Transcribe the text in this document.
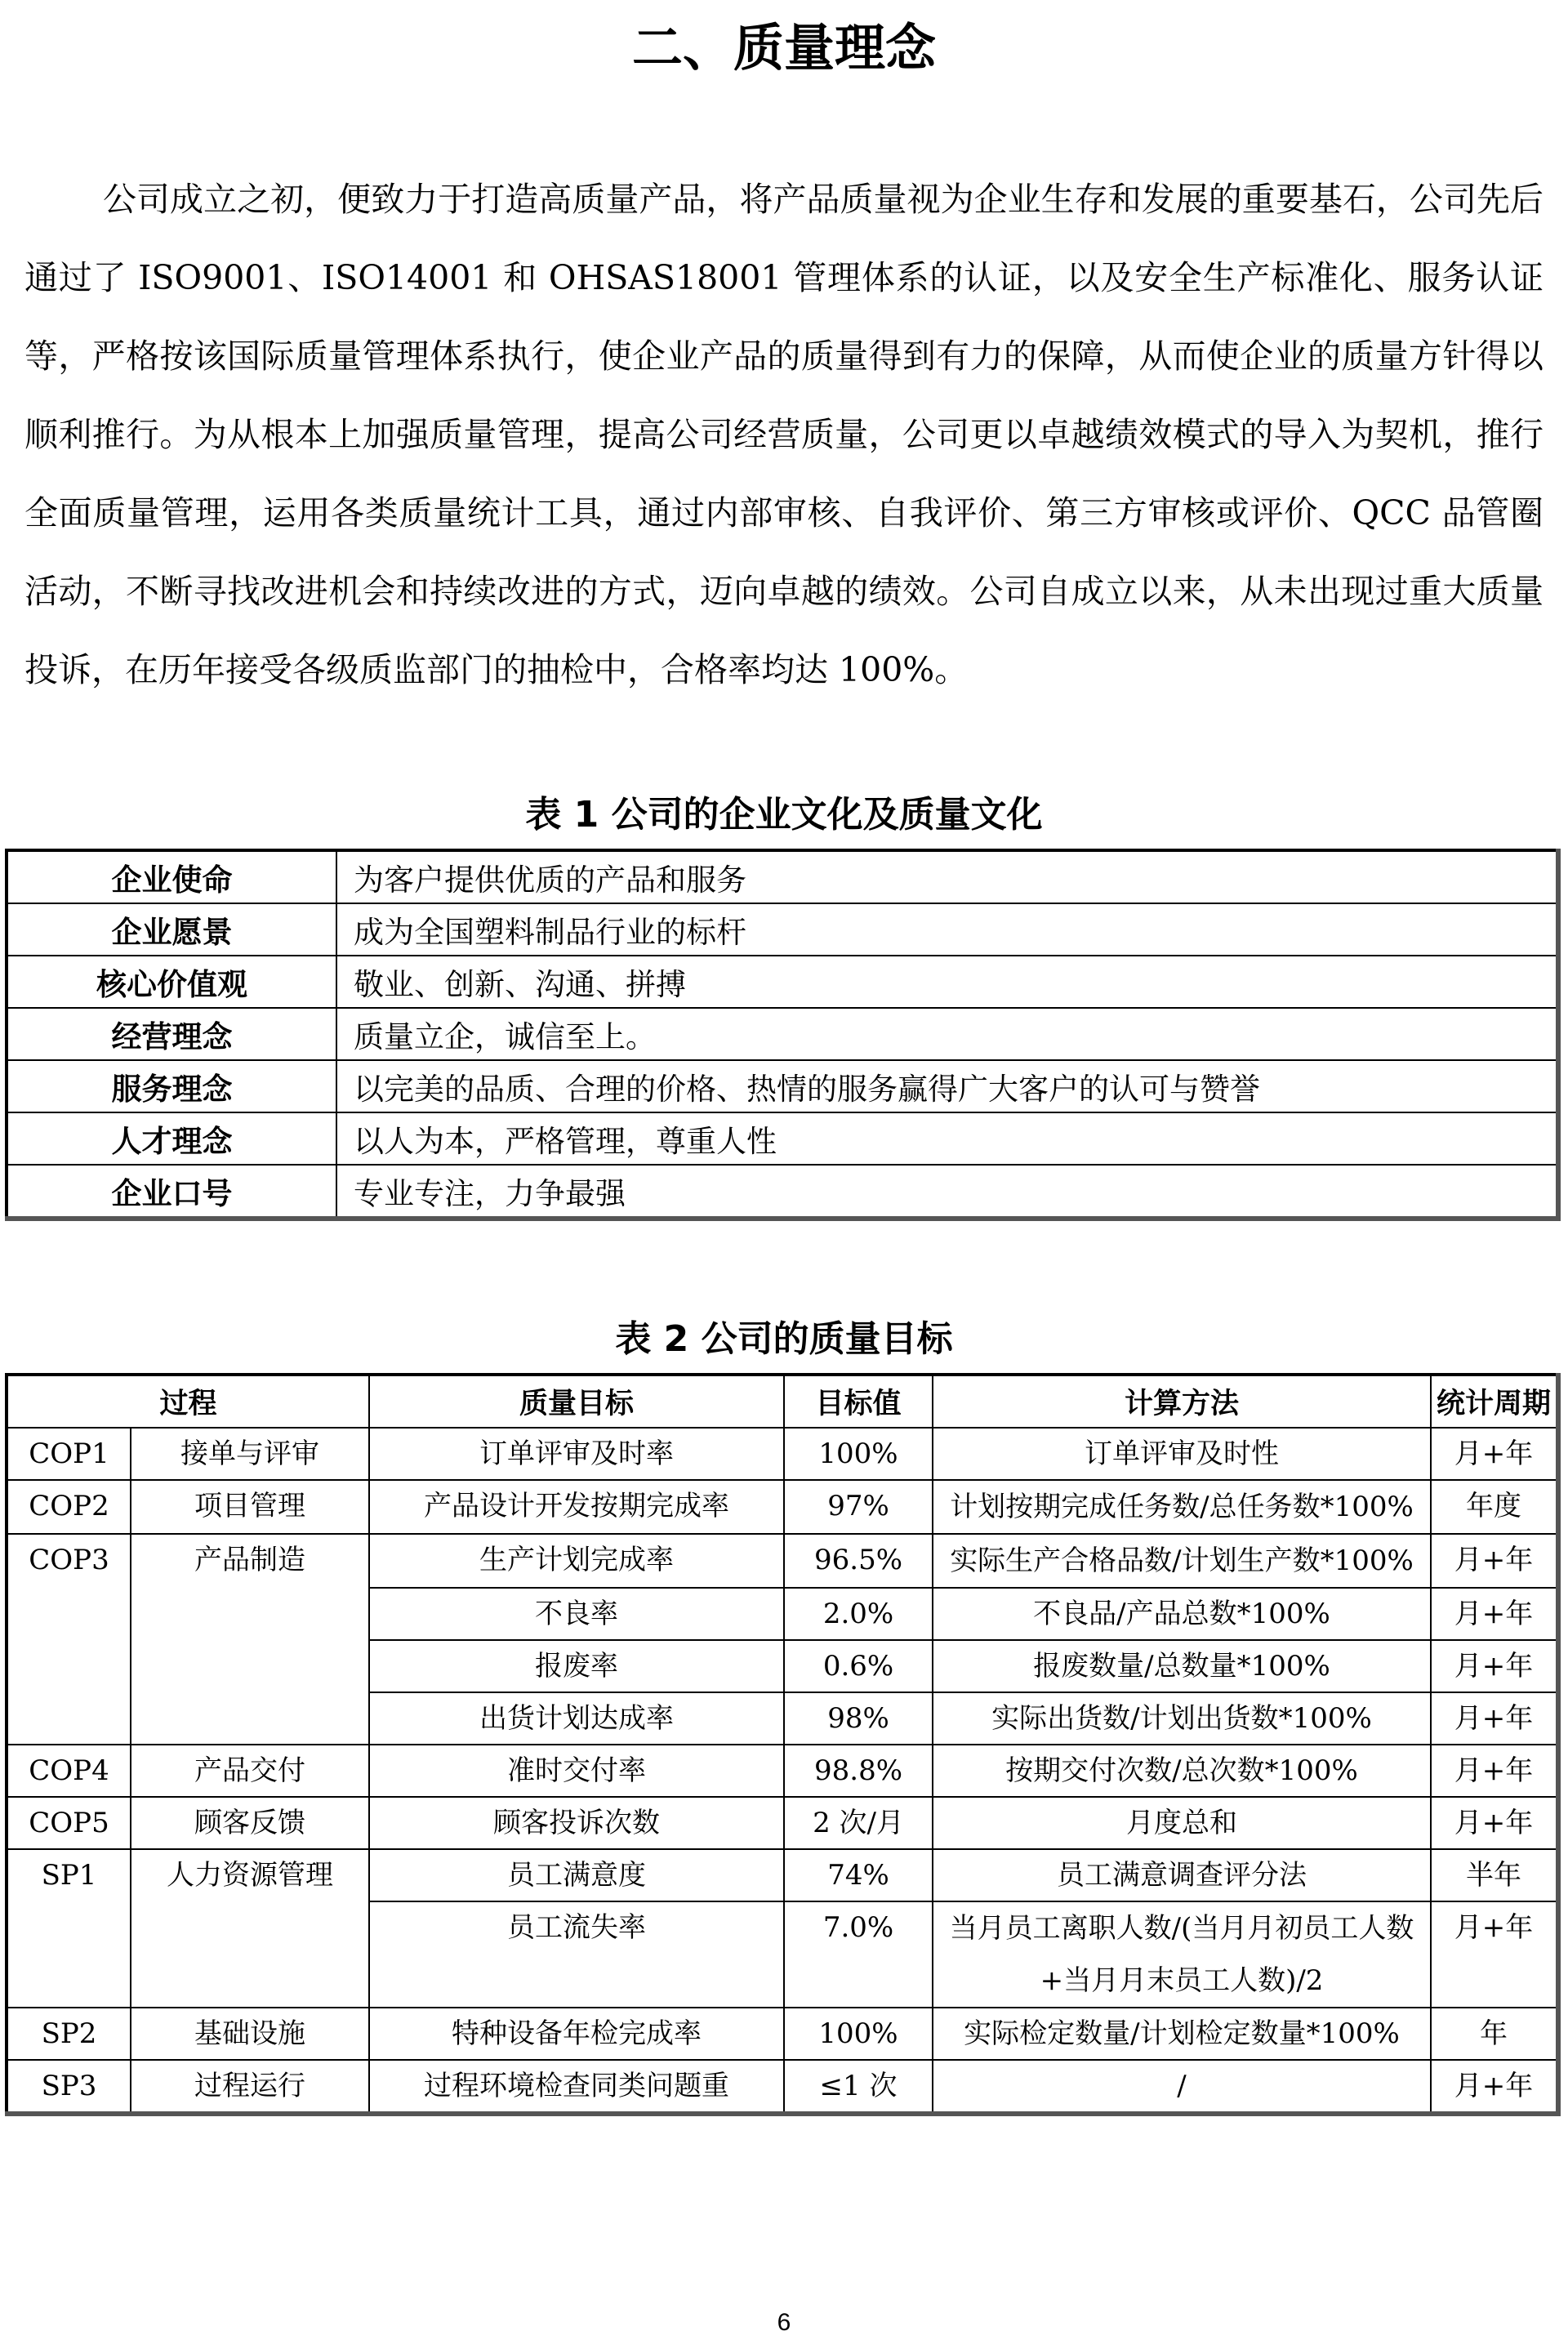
二、质量理念

公司成立之初，便致力于打造高质量产品，将产品质量视为企业生存和发展的重要基石，公司先后通过了 ISO9001、ISO14001 和 OHSAS18001 管理体系的认证，以及安全生产标准化、服务认证等，严格按该国际质量管理体系执行，使企业产品的质量得到有力的保障，从而使企业的质量方针得以顺利推行。为从根本上加强质量管理，提高公司经营质量，公司更以卓越绩效模式的导入为契机，推行全面质量管理，运用各类质量统计工具，通过内部审核、自我评价、第三方审核或评价、QCC 品管圈活动，不断寻找改进机会和持续改进的方式，迈向卓越的绩效。公司自成立以来，从未出现过重大质量投诉，在历年接受各级质监部门的抽检中，合格率均达 100%。

表 1 公司的企业文化及质量文化
企业使命	为客户提供优质的产品和服务
企业愿景	成为全国塑料制品行业的标杆
核心价值观	敬业、创新、沟通、拼搏
经营理念	质量立企，诚信至上。
服务理念	以完美的品质、合理的价格、热情的服务赢得广大客户的认可与赞誉
人才理念	以人为本，严格管理，尊重人性
企业口号	专业专注，力争最强
表 2 公司的质量目标
过程		质量目标	目标值	计算方法	统计周期
COP1	接单与评审	订单评审及时率	100%	订单评审及时性	月+年
COP2	项目管理	产品设计开发按期完成率	97%	计划按期完成任务数/总任务数*100%	年度
COP3	产品制造	生产计划完成率	96.5%	实际生产合格品数/计划生产数*100%	月+年
		不良率	2.0%	不良品/产品总数*100%	月+年
		报废率	0.6%	报废数量/总数量*100%	月+年
		出货计划达成率	98%	实际出货数/计划出货数*100%	月+年
COP4	产品交付	准时交付率	98.8%	按期交付次数/总次数*100%	月+年
COP5	顾客反馈	顾客投诉次数	2 次/月	月度总和	月+年
SP1	人力资源管理	员工满意度	74%	员工满意调查评分法	半年
		员工流失率	7.0%	当月员工离职人数/(当月月初员工人数+当月月末员工人数)/2	月+年
SP2	基础设施	特种设备年检完成率	100%	实际检定数量/计划检定数量*100%	年
SP3	过程运行	过程环境检查同类问题重	≤1 次	/	月+年
6
